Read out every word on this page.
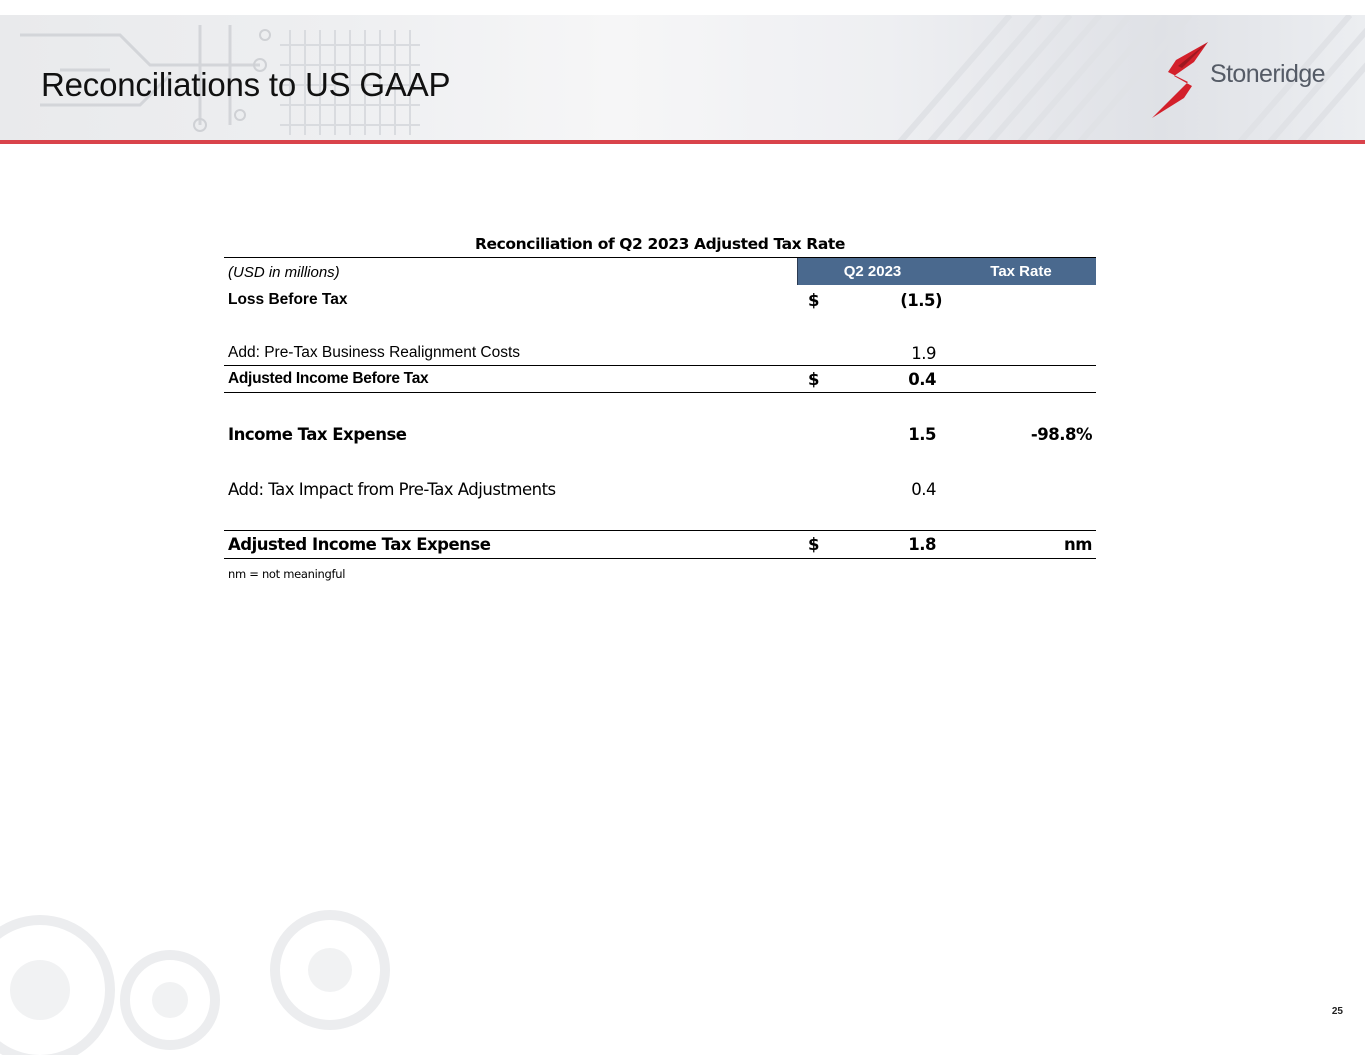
Reconciliations to US GAAP	Stoneridge
Reconciliation of Q2 2023 Adjusted Tax Rate
(USD in millions)	Q2 2023	Tax Rate
Loss Before Tax	$	(1.5)
Add: Pre-Tax Business Realignment Costs	1.9
Adjusted Income Before Tax	$	0.4
Income Tax Expense	1.5	-98.8%
Add: Tax Impact from Pre-Tax Adjustments	0.4
Adjusted Income Tax Expense	$	1.8	nm
nm = not meaningful
25
